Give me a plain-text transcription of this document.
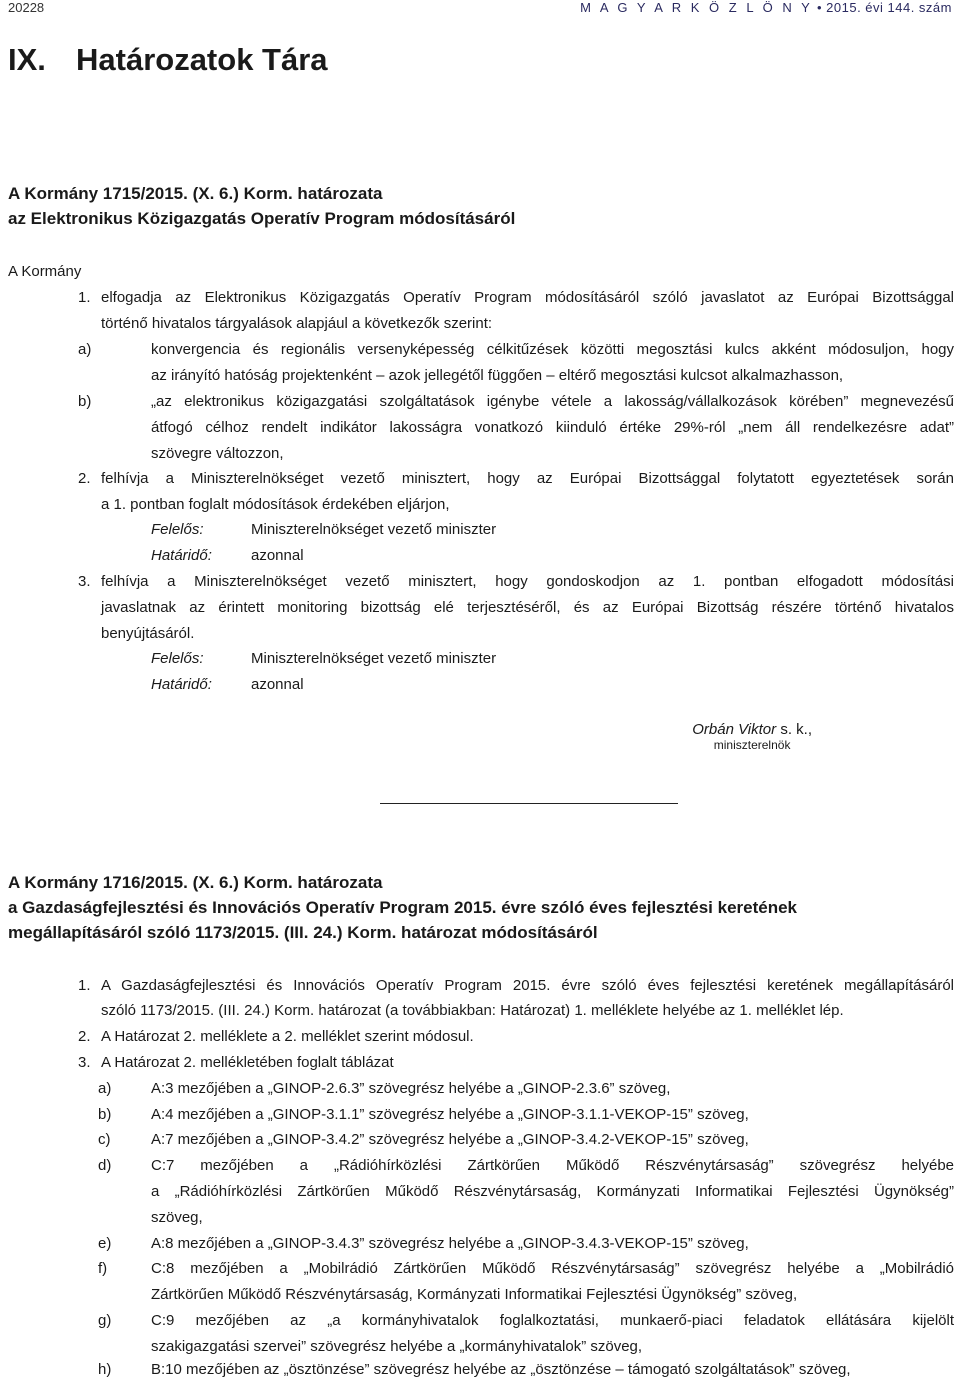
20228	M A G Y A R K Ö Z L Ö N Y • 2015. évi 144. szám
IX. Határozatok Tára
A Kormány 1715/2015. (X. 6.) Korm. határozata
az Elektronikus Közigazgatás Operatív Program módosításáról
A Kormány
1. elfogadja az Elektronikus Közigazgatás Operatív Program módosításáról szóló javaslatot az Európai Bizottsággal
történő hivatalos tárgyalások alapjául a következők szerint:
a)	konvergencia és regionális versenyképesség célkitűzések közötti megosztási kulcs akként módosuljon, hogy
az irányító hatóság projektenként – azok jellegétől függően – eltérő megosztási kulcsot alkalmazhasson,
b)	„az elektronikus közigazgatási szolgáltatások igénybe vétele a lakosság/vállalkozások körében” megnevezésű
átfogó célhoz rendelt indikátor lakosságra vonatkozó kiinduló értéke 29%-ról „nem áll rendelkezésre adat”
szövegre változzon,
2. felhívja a Miniszterelnökséget vezető minisztert, hogy az Európai Bizottsággal folytatott egyeztetések során
a 1. pontban foglalt módosítások érdekében eljárjon,
Felelős:	Miniszterelnökséget vezető miniszter
Határidő:	azonnal
3. felhívja a Miniszterelnökséget vezető minisztert, hogy gondoskodjon az 1. pontban elfogadott módosítási
javaslatnak az érintett monitoring bizottság elé terjesztéséről, és az Európai Bizottság részére történő hivatalos
benyújtásáról.
Felelős:	Miniszterelnökséget vezető miniszter
Határidő:	azonnal
Orbán Viktor s. k.,
miniszterelnök
A Kormány 1716/2015. (X. 6.) Korm. határozata
a Gazdaságfejlesztési és Innovációs Operatív Program 2015. évre szóló éves fejlesztési keretének
megállapításáról szóló 1173/2015. (III. 24.) Korm. határozat módosításáról
1. A Gazdaságfejlesztési és Innovációs Operatív Program 2015. évre szóló éves fejlesztési keretének megállapításáról
szóló 1173/2015. (III. 24.) Korm. határozat (a továbbiakban: Határozat) 1. melléklete helyébe az 1. melléklet lép.
2. A Határozat 2. melléklete a 2. melléklet szerint módosul.
3. A Határozat 2. mellékletében foglalt táblázat
a)	A:3 mezőjében a „GINOP-2.6.3” szövegrész helyébe a „GINOP-2.3.6” szöveg,
b)	A:4 mezőjében a „GINOP-3.1.1” szövegrész helyébe a „GINOP-3.1.1-VEKOP-15” szöveg,
c)	A:7 mezőjében a „GINOP-3.4.2” szövegrész helyébe a „GINOP-3.4.2-VEKOP-15” szöveg,
d)	C:7 mezőjében a „Rádióhírközlési Zártkörűen Működő Részvénytársaság” szövegrész helyébe
a „Rádióhírközlési Zártkörűen Működő Részvénytársaság, Kormányzati Informatikai Fejlesztési Ügynökség”
szöveg,
e)	A:8 mezőjében a „GINOP-3.4.3” szövegrész helyébe a „GINOP-3.4.3-VEKOP-15” szöveg,
f)	C:8 mezőjében a „Mobilrádió Zártkörűen Működő Részvénytársaság” szövegrész helyébe a „Mobilrádió
Zártkörűen Működő Részvénytársaság, Kormányzati Informatikai Fejlesztési Ügynökség” szöveg,
g)	C:9 mezőjében az „a kormányhivatalok foglalkoztatási, munkaerő-piaci feladatok ellátására kijelölt
szakigazgatási szervei” szövegrész helyébe a „kormányhivatalok” szöveg,
h)	B:10 mezőjében az „ösztönzése” szövegrész helyébe az „ösztönzése – támogató szolgáltatások” szöveg,
